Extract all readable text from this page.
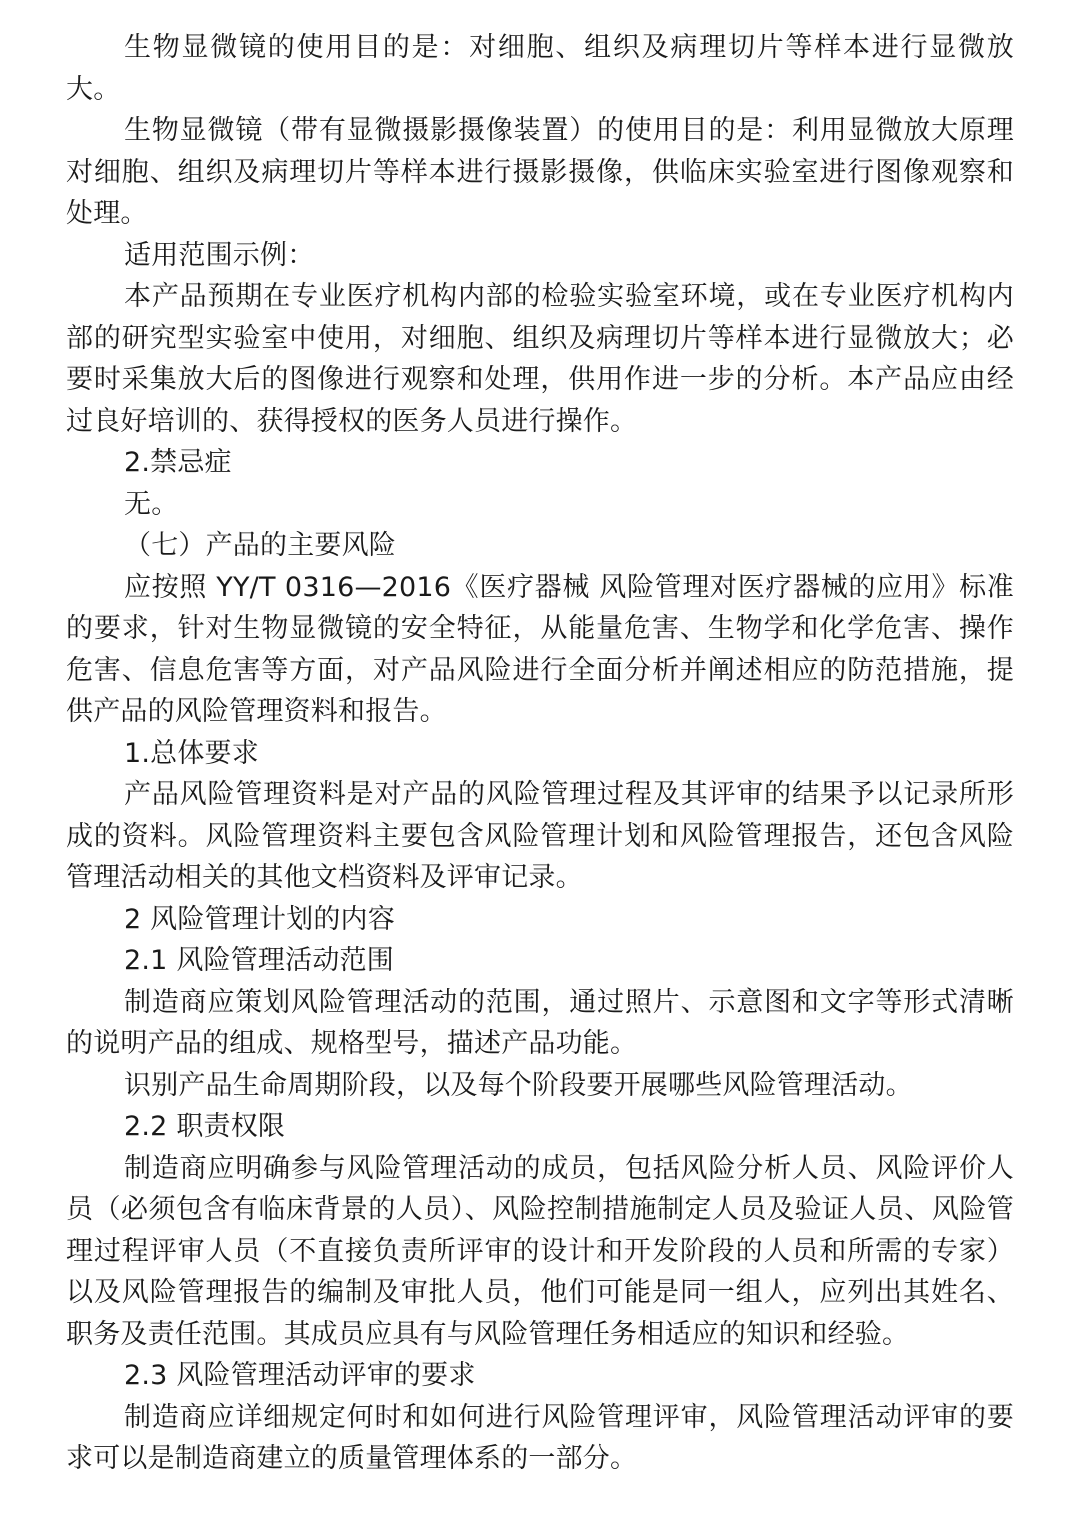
生物显微镜的使用目的是：对细胞、组织及病理切片等样本进行显微放大。

生物显微镜（带有显微摄影摄像装置）的使用目的是：利用显微放大原理对细胞、组织及病理切片等样本进行摄影摄像，供临床实验室进行图像观察和处理。

适用范围示例：

本产品预期在专业医疗机构内部的检验实验室环境，或在专业医疗机构内部的研究型实验室中使用，对细胞、组织及病理切片等样本进行显微放大；必要时采集放大后的图像进行观察和处理，供用作进一步的分析。本产品应由经过良好培训的、获得授权的医务人员进行操作。

2.禁忌症

无。

（七）产品的主要风险

应按照 YY/T 0316—2016《医疗器械 风险管理对医疗器械的应用》标准的要求，针对生物显微镜的安全特征，从能量危害、生物学和化学危害、操作危害、信息危害等方面，对产品风险进行全面分析并阐述相应的防范措施，提供产品的风险管理资料和报告。

1.总体要求

产品风险管理资料是对产品的风险管理过程及其评审的结果予以记录所形成的资料。风险管理资料主要包含风险管理计划和风险管理报告，还包含风险管理活动相关的其他文档资料及评审记录。

2 风险管理计划的内容

2.1 风险管理活动范围

制造商应策划风险管理活动的范围，通过照片、示意图和文字等形式清晰的说明产品的组成、规格型号，描述产品功能。

识别产品生命周期阶段，以及每个阶段要开展哪些风险管理活动。

2.2 职责权限

制造商应明确参与风险管理活动的成员，包括风险分析人员、风险评价人员（必须包含有临床背景的人员）、风险控制措施制定人员及验证人员、风险管理过程评审人员（不直接负责所评审的设计和开发阶段的人员和所需的专家）以及风险管理报告的编制及审批人员，他们可能是同一组人，应列出其姓名、职务及责任范围。其成员应具有与风险管理任务相适应的知识和经验。

2.3 风险管理活动评审的要求

制造商应详细规定何时和如何进行风险管理评审，风险管理活动评审的要求可以是制造商建立的质量管理体系的一部分。
